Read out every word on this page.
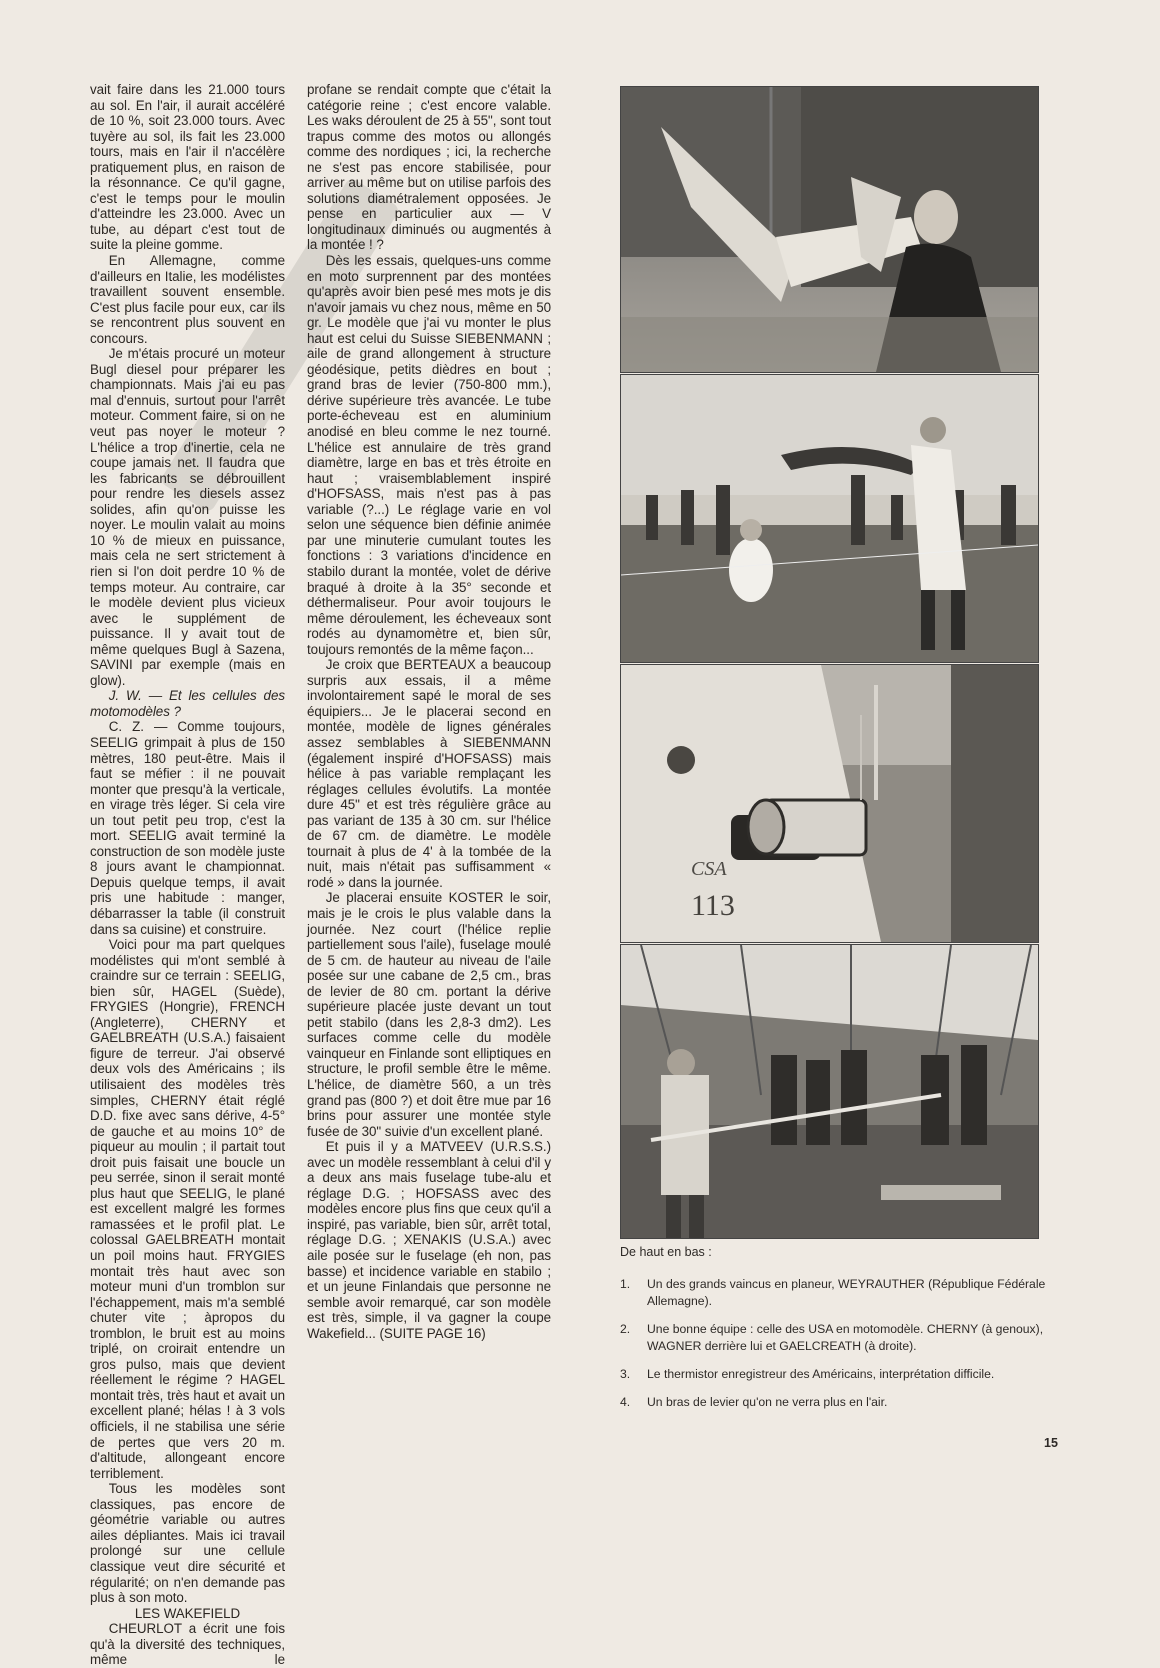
vait faire dans les 21.000 tours au sol. En l'air, il aurait accéléré de 10 %, soit 23.000 tours. Avec tuyère au sol, ils fait les 23.000 tours, mais en l'air il n'accélère pratiquement plus, en raison de la résonnance. Ce qu'il gagne, c'est le temps pour le moulin d'atteindre les 23.000. Avec un tube, au départ c'est tout de suite la pleine gomme.

En Allemagne, comme d'ailleurs en Italie, les modélistes travaillent souvent ensemble. C'est plus facile pour eux, car ils se rencontrent plus souvent en concours.

Je m'étais procuré un moteur Bugl diesel pour préparer les championnats. Mais j'ai eu pas mal d'ennuis, surtout pour l'arrêt moteur. Comment faire, si on ne veut pas noyer le moteur ? L'hélice a trop d'inertie, cela ne coupe jamais net. Il faudra que les fabricants se débrouillent pour rendre les diesels assez solides, afin qu'on puisse les noyer. Le moulin valait au moins 10 % de mieux en puissance, mais cela ne sert strictement à rien si l'on doit perdre 10 % de temps moteur. Au contraire, car le modèle devient plus vicieux avec le supplément de puissance. Il y avait tout de même quelques Bugl à Sazena, SAVINI par exemple (mais en glow).

J. W. — Et les cellules des motomodèles ?

C. Z. — Comme toujours, SEELIG grimpait à plus de 150 mètres, 180 peut-être. Mais il faut se méfier : il ne pouvait monter que presqu'à la verticale, en virage très léger. Si cela vire un tout petit peu trop, c'est la mort. SEELIG avait terminé la construction de son modèle juste 8 jours avant le championnat. Depuis quelque temps, il avait pris une habitude : manger, débarrasser la table (il construit dans sa cuisine) et construire.

Voici pour ma part quelques modélistes qui m'ont semblé à craindre sur ce terrain : SEELIG, bien sûr, HAGEL (Suède), FRYGIES (Hongrie), FRENCH (Angleterre), CHERNY et GAELBREATH (U.S.A.) faisaient figure de terreur. J'ai observé deux vols des Américains ; ils utilisaient des modèles très simples, CHERNY était réglé D.D. fixe avec sans dérive, 4-5° de gauche et au moins 10° de piqueur au moulin ; il partait tout droit puis faisait une boucle un peu serrée, sinon il serait monté plus haut que SEELIG, le plané est excellent malgré les formes ramassées et le profil plat. Le colossal GAELBREATH montait un poil moins haut. FRYGIES montait très haut avec son moteur muni d'un tromblon sur l'échappement, mais m'a semblé chuter vite ; àpropos du tromblon, le bruit est au moins triplé, on croirait entendre un gros pulso, mais que devient réellement le régime ? HAGEL montait très, très haut et avait un excellent plané; hélas ! à 3 vols officiels, il ne stabilisa une série de pertes que vers 20 m. d'altitude, allongeant encore terriblement.

Tous les modèles sont classiques, pas encore de géométrie variable ou autres ailes dépliantes. Mais ici travail prolongé sur une cellule classique veut dire sécurité et régularité; on n'en demande pas plus à son moto.

LES WAKEFIELD

CHEURLOT a écrit une fois qu'à la diversité des techniques, même le

profane se rendait compte que c'était la catégorie reine ; c'est encore valable. Les waks déroulent de 25 à 55", sont tout trapus comme des motos ou allongés comme des nordiques ; ici, la recherche ne s'est pas encore stabilisée, pour arriver au même but on utilise parfois des solutions diamétralement opposées. Je pense en particulier aux — V longitudinaux diminués ou augmentés à la montée ! ?

Dès les essais, quelques-uns comme en moto surprennent par des montées qu'après avoir bien pesé mes mots je dis n'avoir jamais vu chez nous, même en 50 gr. Le modèle que j'ai vu monter le plus haut est celui du Suisse SIEBENMANN ; aile de grand allongement à structure géodésique, petits dièdres en bout ; grand bras de levier (750-800 mm.), dérive supérieure très avancée. Le tube porte-écheveau est en aluminium anodisé en bleu comme le nez tourné. L'hélice est annulaire de très grand diamètre, large en bas et très étroite en haut ; vraisemblablement inspiré d'HOFSASS, mais n'est pas à pas variable (?...) Le réglage varie en vol selon une séquence bien définie animée par une minuterie cumulant toutes les fonctions : 3 variations d'incidence en stabilo durant la montée, volet de dérive braqué à droite à la 35° seconde et déthermaliseur. Pour avoir toujours le même déroulement, les écheveaux sont rodés au dynamomètre et, bien sûr, toujours remontés de la même façon...

Je croix que BERTEAUX a beaucoup surpris aux essais, il a même involontairement sapé le moral de ses équipiers... Je le placerai second en montée, modèle de lignes générales assez semblables à SIEBENMANN (également inspiré d'HOFSASS) mais hélice à pas variable remplaçant les réglages cellules évolutifs. La montée dure 45" et est très régulière grâce au pas variant de 135 à 30 cm. sur l'hélice de 67 cm. de diamètre. Le modèle tournait à plus de 4' à la tombée de la nuit, mais n'était pas suffisamment « rodé » dans la journée.

Je placerai ensuite KOSTER le soir, mais je le crois le plus valable dans la journée. Nez court (l'hélice replie partiellement sous l'aile), fuselage moulé de 5 cm. de hauteur au niveau de l'aile posée sur une cabane de 2,5 cm., bras de levier de 80 cm. portant la dérive supérieure placée juste devant un tout petit stabilo (dans les 2,8-3 dm2). Les surfaces comme celle du modèle vainqueur en Finlande sont elliptiques en structure, le profil semble être le même. L'hélice, de diamètre 560, a un très grand pas (800 ?) et doit être mue par 16 brins pour assurer une montée style fusée de 30" suivie d'un excellent plané.

Et puis il y a MATVEEV (U.R.S.S.) avec un modèle ressemblant à celui d'il y a deux ans mais fuselage tube-alu et réglage D.G. ; HOFSASS avec des modèles encore plus fins que ceux qu'il a inspiré, pas variable, bien sûr, arrêt total, réglage D.G. ; XENAKIS (U.S.A.) avec aile posée sur le fuselage (eh non, pas basse) et incidence variable en stabilo ; et un jeune Finlandais que personne ne semble avoir remarqué, car son modèle est très, simple, il va gagner la coupe Wakefield... (SUITE PAGE 16)

CSA
113

De haut en bas :

1. Un des grands vaincus en planeur, WEYRAUTHER (République Fédérale Allemagne).

2. Une bonne équipe : celle des USA en motomodèle. CHERNY (à genoux), WAGNER derrière lui et GAELCREATH (à droite).

3. Le thermistor enregistreur des Américains, interprétation difficile.

4. Un bras de levier qu'on ne verra plus en l'air.

15
